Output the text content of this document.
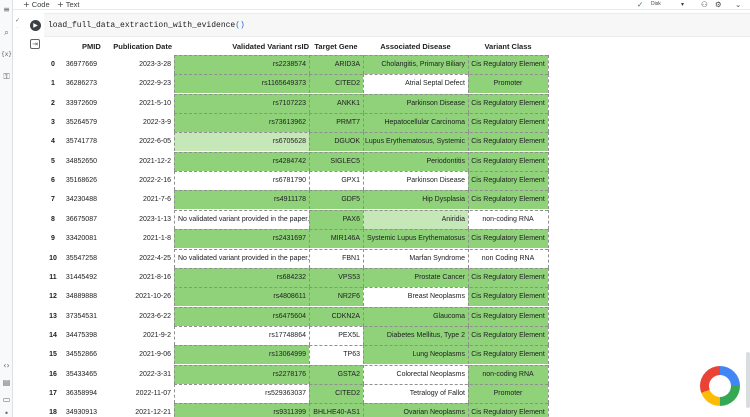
≡
⌕
{x}
⚿
‹›
▤
▭
•
+ Code + Text	✓ Disk	▾ ⚇ ⚙ ⌄
✓
· ▶
⇥
load_full_data_extraction_with_evidence()
PMID	Publication Date	Validated Variant rsID Target Gene	Associated Disease	Variant Class
0	36977669	2023-3-28	rs2238574	ARID3A	Cholangitis, Primary Biliary Cis Regulatory Element
1	36286273	2022-9-23	rs1165649373	CITED2	Atrial Septal Defect	Promoter
2	33972609	2021-5-10	rs7107223	ANKK1	Parkinson Disease Cis Regulatory Element
3	35264579	2022-3-9	rs73613962	PRMT7	Hepatocellular Carcinoma Cis Regulatory Element
4	35741778	2022-6-05	rs6705628	DGUOK Lupus Erythematosus, Systemic Cis Regulatory Element
5	34852650	2021-12-2	rs4284742	SIGLEC5	Periodontitis Cis Regulatory Element
6	35168626	2022-2-16	rs6781790	GPX1	Parkinson Disease Cis Regulatory Element
7	34230488	2021-7-6	rs4911178	GDF5	Hip Dysplasia Cis Regulatory Element
8	36675087	2023-1-13	No validated variant provided in the paper.	PAX6	Aniridia	non-coding RNA
9	33420081	2021-1-8	rs2431697	MIR146A Systemic Lupus Erythematosus Cis Regulatory Element
10	35547258	2022-4-25	No validated variant provided in the paper.	FBN1	Marfan Syndrome	non Coding RNA
11	31445492	2021-8-16	rs684232	VPS53	Prostate Cancer Cis Regulatory Element
12	34889888	2021-10-26	rs4808611	NR2F6	Breast Neoplasms Cis Regulatory Element
13	37354531	2023-6-22	rs6475604	CDKN2A	Glaucoma Cis Regulatory Element
14	34475398	2021-9-2	rs17748864	PEX5L	Diabetes Mellitus, Type 2 Cis Regulatory Element
15	34552866	2021-9-06	rs13064999	TP63	Lung Neoplasms Cis Regulatory Element
16	35433465	2022-3-31	rs2278176	GSTA2	Colorectal Neoplasms	non-coding RNA
17	36358994	2022-11-07	rs529363037	CITED2	Tetralogy of Fallot	Promoter
18	34930913	2021-12-21	rs9311399	BHLHE40-AS1	Ovarian Neoplasms Cis Regulatory Element
